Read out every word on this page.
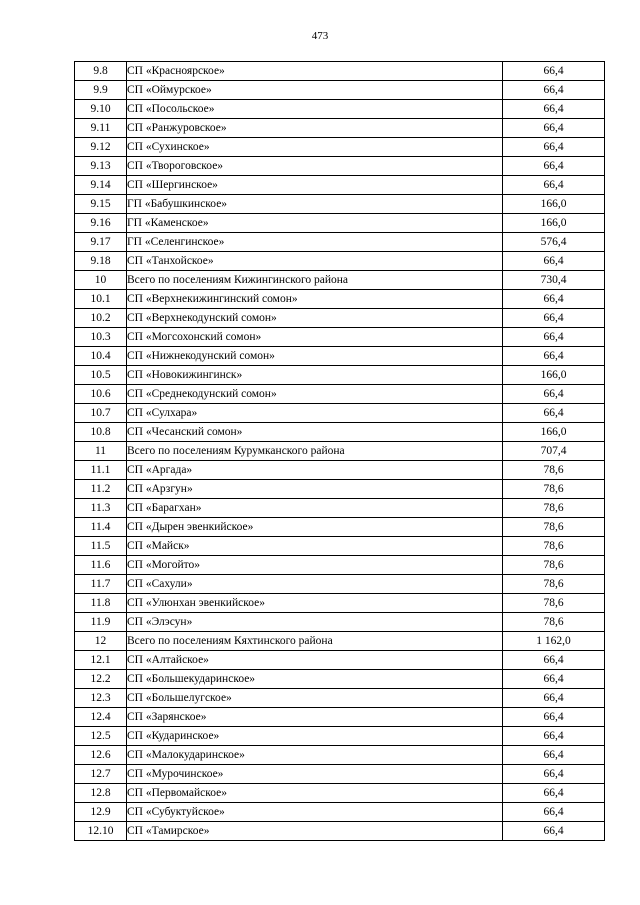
473
9.8	СП «Красноярское»	66,4
9.9	СП «Оймурское»	66,4
9.10	СП «Посольское»	66,4
9.11	СП «Ранжуровское»	66,4
9.12	СП «Сухинское»	66,4
9.13	СП «Твороговское»	66,4
9.14	СП «Шергинское»	66,4
9.15	ГП «Бабушкинское»	166,0
9.16	ГП «Каменское»	166,0
9.17	ГП «Селенгинское»	576,4
9.18	СП «Танхойское»	66,4
10	Всего по поселениям Кижингинского района	730,4
10.1	СП «Верхнекижингинский сомон»	66,4
10.2	СП «Верхнекодунский сомон»	66,4
10.3	СП «Могсохонский сомон»	66,4
10.4	СП «Нижнекодунский сомон»	66,4
10.5	СП «Новокижингинск»	166,0
10.6	СП «Среднекодунский сомон»	66,4
10.7	СП «Сулхара»	66,4
10.8	СП «Чесанский сомон»	166,0
11	Всего по поселениям Курумканского района	707,4
11.1	СП «Аргада»	78,6
11.2	СП «Арзгун»	78,6
11.3	СП «Барагхан»	78,6
11.4	СП «Дырен эвенкийское»	78,6
11.5	СП «Майск»	78,6
11.6	СП «Могойто»	78,6
11.7	СП «Сахули»	78,6
11.8	СП «Улюнхан эвенкийское»	78,6
11.9	СП «Элэсун»	78,6
12	Всего по поселениям Кяхтинского района	1 162,0
12.1	СП «Алтайское»	66,4
12.2	СП «Большекударинское»	66,4
12.3	СП «Большелугское»	66,4
12.4	СП «Зарянское»	66,4
12.5	СП «Кударинское»	66,4
12.6	СП «Малокударинское»	66,4
12.7	СП «Мурочинское»	66,4
12.8	СП «Первомайское»	66,4
12.9	СП «Субуктуйское»	66,4
12.10	СП «Тамирское»	66,4
